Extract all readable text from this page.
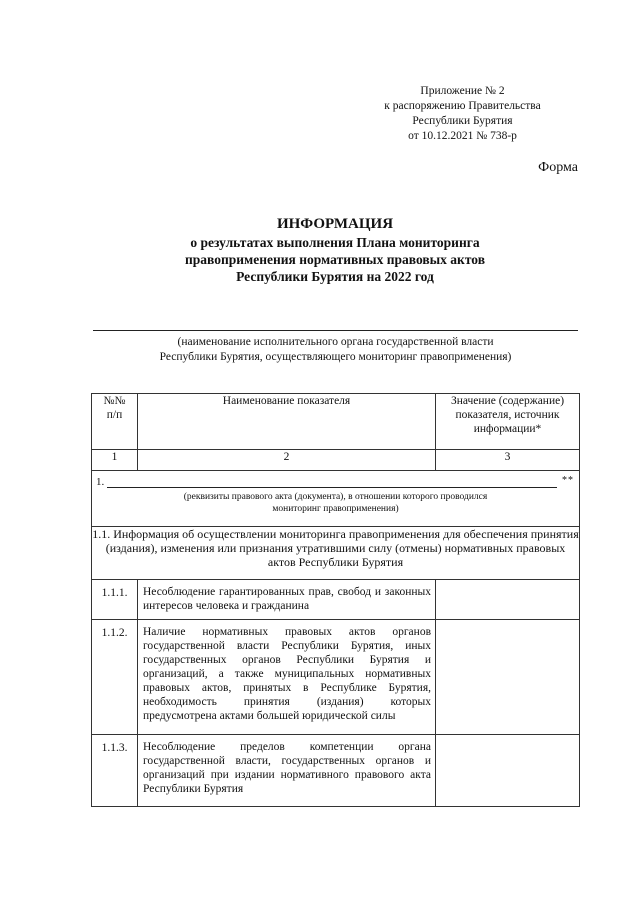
Приложение № 2
к распоряжению Правительства
Республики Бурятия
от 10.12.2021 № 738-р
Форма
ИНФОРМАЦИЯ
о результатах выполнения Плана мониторинга
правоприменения нормативных правовых актов
Республики Бурятия на 2022 год
(наименование исполнительного органа государственной власти
Республики Бурятия, осуществляющего мониторинг правоприменения)
№№
п/п	Наименование показателя	Значение (содержание) показателя, источник информации*
1	2	3

1. **
(реквизиты правового акта (документа), в отношении которого проводился
мониторинг правоприменения)		

1.1. Информация об осуществлении мониторинга правоприменения для обеспечения принятия (издания), изменения или признания утратившими силу (отмены) нормативных правовых актов Республики Бурятия		
1.1.1.	Несоблюдение гарантированных прав, свобод и законных интересов человека и гражданина	
1.1.2.	Наличие нормативных правовых актов органов государственной власти Республики Бурятия, иных государственных органов Республики Бурятия и организаций, а также муниципальных нормативных правовых актов, принятых в Республике Бурятия, необходимость принятия (издания) которых предусмотрена актами большей юридической силы	
1.1.3.	Несоблюдение пределов компетенции органа государственной власти, государственных органов и организаций при издании нормативного правового акта Республики Бурятия	
